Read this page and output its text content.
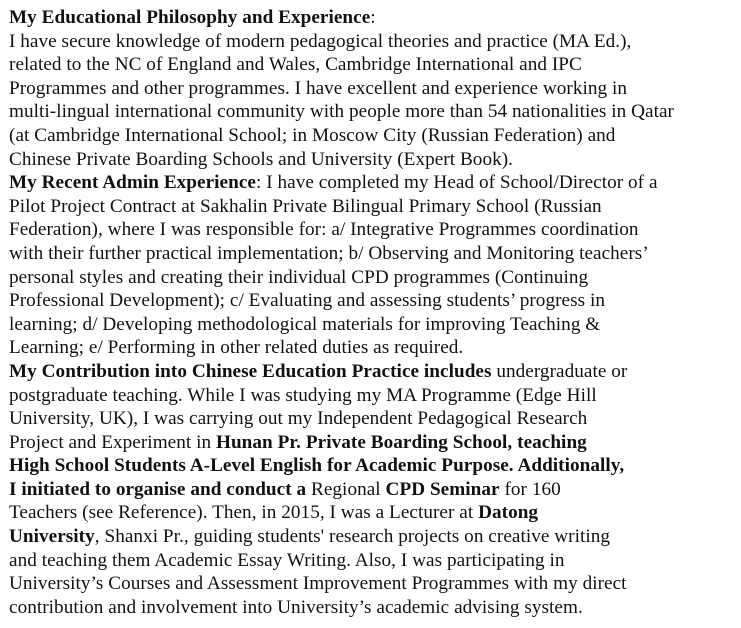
My Educational Philosophy and Experience:
I have secure knowledge of modern pedagogical theories and practice (MA Ed.),
related to the NC of England and Wales, Cambridge International and IPC
Programmes and other programmes. I have excellent and experience working in
multi-lingual international community with people more than 54 nationalities in Qatar
(at Cambridge International School; in Moscow City (Russian Federation) and
Chinese Private Boarding Schools and University (Expert Book).
My Recent Admin Experience: I have completed my Head of School/Director of a
Pilot Project Contract at Sakhalin Private Bilingual Primary School (Russian
Federation), where I was responsible for: a/ Integrative Programmes coordination
with their further practical implementation; b/ Observing and Monitoring teachers’
personal styles and creating their individual CPD programmes (Continuing
Professional Development); c/ Evaluating and assessing students’ progress in
learning; d/ Developing methodological materials for improving Teaching &
Learning; e/ Performing in other related duties as required.
My Contribution into Chinese Education Practice includes undergraduate or
postgraduate teaching. While I was studying my MA Programme (Edge Hill
University, UK), I was carrying out my Independent Pedagogical Research
Project and Experiment in Hunan Pr. Private Boarding School, teaching
High School Students A-Level English for Academic Purpose. Additionally,
I initiated to organise and conduct a Regional CPD Seminar for 160
Teachers (see Reference). Then, in 2015, I was a Lecturer at Datong
University, Shanxi Pr., guiding students' research projects on creative writing
and teaching them Academic Essay Writing. Also, I was participating in
University’s Courses and Assessment Improvement Programmes with my direct
contribution and involvement into University’s academic advising system.
